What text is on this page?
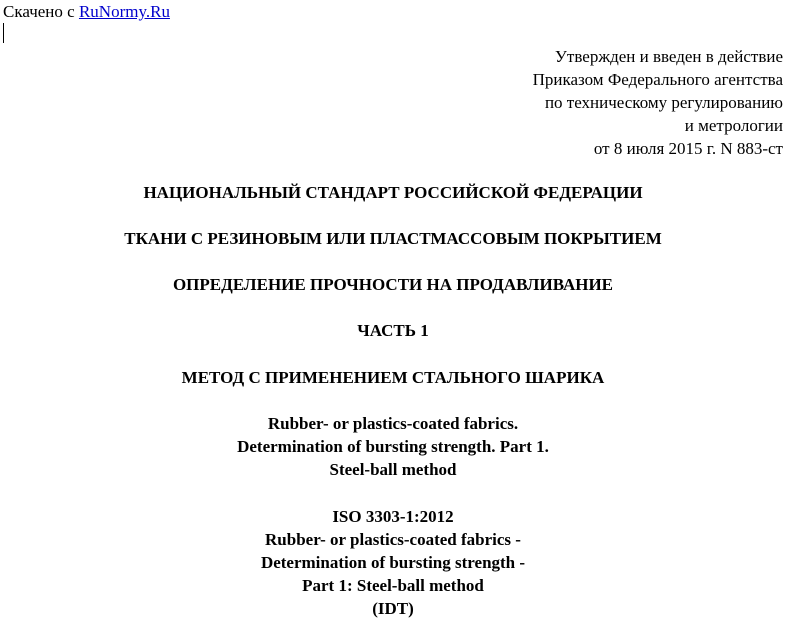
Скачено с RuNormy.Ru
Утвержден и введен в действие
Приказом Федерального агентства
по техническому регулированию
и метрологии
от 8 июля 2015 г. N 883-ст
НАЦИОНАЛЬНЫЙ СТАНДАРТ РОССИЙСКОЙ ФЕДЕРАЦИИ
ТКАНИ С РЕЗИНОВЫМ ИЛИ ПЛАСТМАССОВЫМ ПОКРЫТИЕМ
ОПРЕДЕЛЕНИЕ ПРОЧНОСТИ НА ПРОДАВЛИВАНИЕ
ЧАСТЬ 1
МЕТОД С ПРИМЕНЕНИЕМ СТАЛЬНОГО ШАРИКА
Rubber- or plastics-coated fabrics.
Determination of bursting strength. Part 1.
Steel-ball method
ISO 3303-1:2012
Rubber- or plastics-coated fabrics -
Determination of bursting strength -
Part 1: Steel-ball method
(IDT)
